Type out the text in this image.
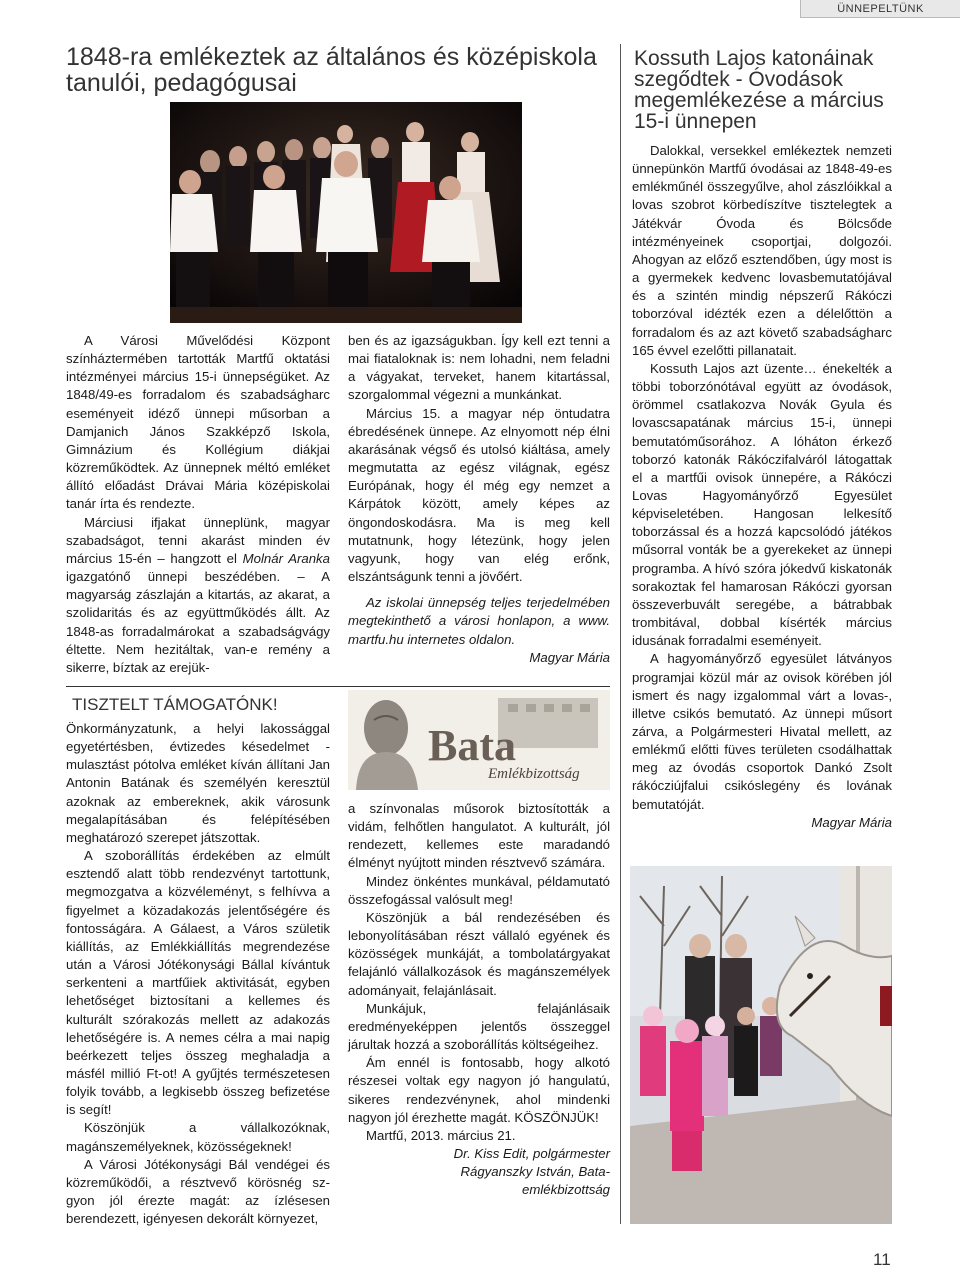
ÜNNEPELTÜNK
1848-ra emlékeztek az általános és középiskola tanulói, pedagógusai
Kossuth Lajos katonáinak szegődtek - Óvodások megemlékezése a március 15-i ünnepen

A Városi Művelődési Központ színháztermében tartották Martfű oktatási intézményei március 15-i ünnepségüket. Az 1848/49-es forradalom és szabadságharc eseményeit idéző ünnepi műsorban a Damjanich János Szakképző Iskola, Gimnázium és Kollégium diákjai közreműködtek. Az ünnepnek méltó emléket állító előadást Drávai Mária középiskolai tanár írta és rendezte.

Márciusi ifjakat ünneplünk, magyar szabadságot, tenni akarást minden év március 15-én – hangzott el Molnár Aranka igazgatónő ünnepi beszédében. – A magyarság zászlaján a kitartás, az akarat, a szolidaritás és az együttműködés állt. Az 1848-as forradalmárokat a szabadságvágy éltette. Nem hezitáltak, van-e remény a sikerre, bíztak az erejük-

ben és az igazságukban. Így kell ezt tenni a mai fiataloknak is: nem lohadni, nem feladni a vágyakat, terveket, hanem kitartással, szorgalommal végezni a munkánkat.

Március 15. a magyar nép öntudatra ébredésének ünnepe. Az elnyomott nép élni akarásának végső és utolsó kiáltása, amely megmutatta az egész világnak, egész Európának, hogy él még egy nemzet a Kárpátok között, amely képes az öngondoskodásra. Ma is meg kell mutatnunk, hogy létezünk, hogy jelen vagyunk, hogy van elég erőnk, elszántságunk tenni a jövőért.

Az iskolai ünnepség teljes terjedelmében megtekinthető a városi honlapon, a www. martfu.hu internetes oldalon.

Magyar Mária

TISZTELT TÁMOGATÓNK!

Önkormányzatunk, a helyi lakossággal egyetértésben, évtizedes késedelmet - mulasztást pótolva emléket kíván állítani Jan Antonin Batának és személyén keresztül azoknak az embereknek, akik városunk megalapításában és felépítésében meghatározó szerepet játszottak.

A szoborállítás érdekében az elmúlt esztendő alatt több rendezvényt tartottunk, megmozgatva a közvéleményt, s felhívva a figyelmet a közadakozás jelentőségére és fontosságára. A Gálaest, a Város születik kiállítás, az Emlékkiállítás megrendezése után a Városi Jótékonysági Bállal kívántuk serkenteni a martfűiek aktivitását, egyben lehetőséget biztosítani a kellemes és kulturált szórakozás mellett az adakozás lehetőségére is. A nemes célra a mai napig beérkezett teljes összeg meghaladja a másfél millió Ft-ot! A gyűjtés természetesen folyik tovább, a legkisebb összeg befizetése is segít!

Köszönjük a vállalkozóknak, magánszemélyeknek, közösségeknek!

A Városi Jótékonysági Bál vendégei és közreműködői, a résztvevő körösnég sz-gyon jól érezte magát: az ízlésesen berendezett, igényesen dekorált környezet,

Bata
Emlékbizottság

a színvonalas műsorok biztosították a vidám, felhőtlen hangulatot. A kulturált, jól rendezett, kellemes este maradandó élményt nyújtott minden résztvevő számára.

Mindez önkéntes munkával, példamutató összefogással valósult meg!

Köszönjük a bál rendezésében és lebonyolításában részt vállaló egyének és közösségek munkáját, a tombolatárgyakat felajánló vállalkozások és magánszemélyek adományait, felajánlásait.

Munkájuk, felajánlásaik eredményeképpen jelentős összeggel járultak hozzá a szoborállítás költségeihez.

Ám ennél is fontosabb, hogy alkotó részesei voltak egy nagyon jó hangulatú, sikeres rendezvénynek, ahol mindenki nagyon jól érezhette magát. KÖSZÖNJÜK!

Martfű, 2013. március 21.

Dr. Kiss Edit, polgármester

Rágyanszky István, Bata-

emlékbizottság

Dalokkal, versekkel emlékeztek nemzeti ünnepünkön Martfű óvodásai az 1848-49-es emlékműnél összegyűlve, ahol zászlóikkal a lovas szobrot körbedíszítve tisztelegtek a Játékvár Óvoda és Bölcsőde intézményeinek csoportjai, dolgozói. Ahogyan az előző esztendőben, úgy most is a gyermekek kedvenc lovasbemutatójával és a szintén mindig népszerű Rákóczi toborzóval idézték ezen a délelőttön a forradalom és az azt követő szabadságharc 165 évvel ezelőtti pillanatait.

Kossuth Lajos azt üzente… énekelték a többi toborzónótával együtt az óvodások, örömmel csatlakozva Novák Gyula és lovascsapatának március 15-i, ünnepi bemutatóműsorához. A lóháton érkező toborzó katonák Rákóczifalváról látogattak el a martfűi ovisok ünnepére, a Rákóczi Lovas Hagyományőrző Egyesület képviseletében. Hangosan lelkesítő toborzással és a hozzá kapcsolódó játékos műsorral vonták be a gyerekeket az ünnepi programba. A hívó szóra jókedvű kiskatonák sorakoztak fel hamarosan Rákóczi gyorsan összeverbuvált seregébe, a bátrabbak trombitával, dobbal kísérték március idusának forradalmi eseményeit.

A hagyományőrző egyesület látványos programjai közül már az ovisok körében jól ismert és nagy izgalommal várt a lovas-, illetve csikós bemutató. Az ünnepi műsort zárva, a Polgármesteri Hivatal mellett, az emlékmű előtti füves területen csodálhattak meg az óvodás csoportok Dankó Zsolt rákócziújfalui csikóslegény és lovának bemutatóját.

Magyar Mária

11
